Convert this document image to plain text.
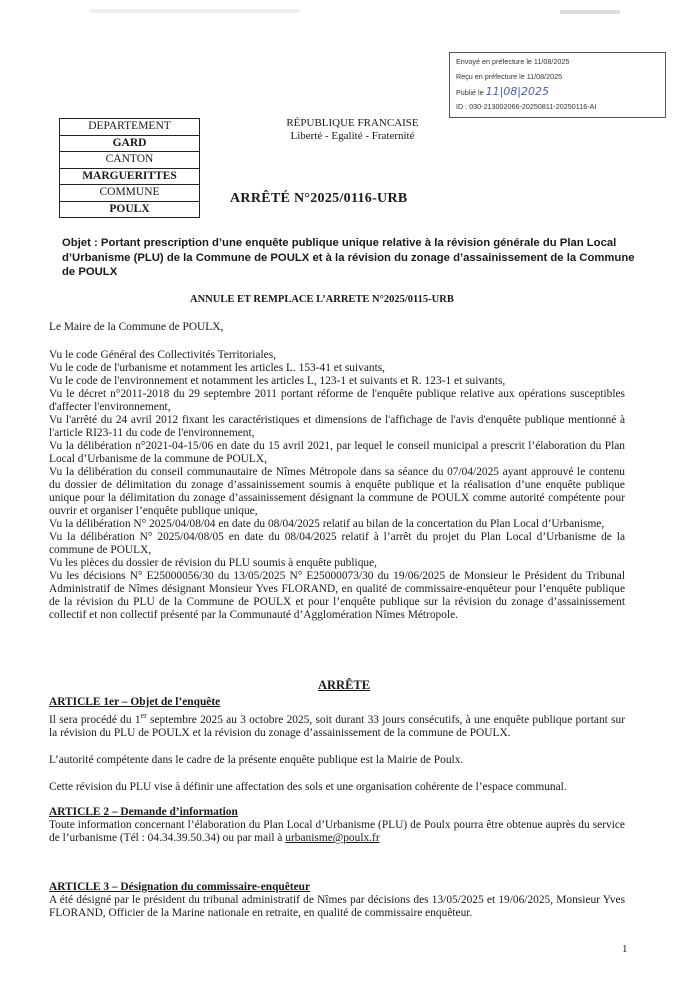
Envoyé en préfecture le 11/08/2025
Reçu en préfecture le 11/08/2025
Publié le 11|08|2025
ID : 030-213002066-20250811-20250116-AI
DEPARTEMENT
GARD
CANTON
MARGUERITTES
COMMUNE
POULX
RÉPUBLIQUE FRANCAISE
Liberté - Egalité - Fraternité
ARRÊTÉ N°2025/0116-URB
Objet : Portant prescription d’une enquête publique unique relative à la révision générale du Plan Local d’Urbanisme (PLU) de la Commune de POULX et à la révision du zonage d’assainissement de la Commune de POULX
ANNULE ET REMPLACE L’ARRETE N°2025/0115-URB
Le Maire de la Commune de POULX,
Vu le code Général des Collectivités Territoriales,
Vu le code de l'urbanisme et notamment les articles L. 153-41 et suivants,
Vu le code de l'environnement et notamment les articles L, 123-1 et suivants et R. 123-1 et suivants,
Vu le décret n°2011-2018 du 29 septembre 2011 portant réforme de l'enquête publique relative aux opérations susceptibles d'affecter l'environnement,
Vu l'arrêté du 24 avril 2012 fixant les caractéristiques et dimensions de l'affichage de l'avis d'enquête publique mentionné à l'article RI23-11 du code de l'environnement,
Vu la délibération n°2021-04-15/06 en date du 15 avril 2021, par lequel le conseil municipal a prescrit l’élaboration du Plan Local d’Urbanisme de la commune de POULX,
Vu la délibération du conseil communautaire de Nîmes Métropole dans sa séance du 07/04/2025 ayant approuvé le contenu du dossier de délimitation du zonage d’assainissement soumis à enquête publique et la réalisation d’une enquête publique unique pour la délimitation du zonage d’assainissement désignant la commune de POULX comme autorité compétente pour ouvrir et organiser l’enquête publique unique,
Vu la délibération N° 2025/04/08/04 en date du 08/04/2025 relatif au bilan de la concertation du Plan Local d’Urbanisme,
Vu la délibération N° 2025/04/08/05 en date du 08/04/2025 relatif à l’arrêt du projet du Plan Local d’Urbanisme de la commune de POULX,
Vu les pièces du dossier de révision du PLU soumis à enquête publique,
Vu les décisions N° E25000056/30 du 13/05/2025 N° E25000073/30 du 19/06/2025 de Monsieur le Président du Tribunal Administratif de Nîmes désignant Monsieur Yves FLORAND, en qualité de commissaire-enquêteur pour l’enquête publique de la révision du PLU de la Commune de POULX et pour l’enquête publique sur la révision du zonage d’assainissement collectif et non collectif présenté par la Communauté d’Agglomération Nîmes Métropole.
ARRÊTE
ARTICLE 1er – Objet de l’enquête
Il sera procédé du 1er septembre 2025 au 3 octobre 2025, soit durant 33 jours consécutifs, à une enquête publique portant sur la révision du PLU de POULX et la révision du zonage d’assainissement de la commune de POULX.
L’autorité compétente dans le cadre de la présente enquête publique est la Mairie de Poulx.
Cette révision du PLU vise à définir une affectation des sols et une organisation cohérente de l’espace communal.
ARTICLE 2 – Demande d’information
Toute information concernant l’élaboration du Plan Local d’Urbanisme (PLU) de Poulx pourra être obtenue auprès du service de l’urbanisme (Tél : 04.34.39.50.34) ou par mail à urbanisme@poulx.fr
ARTICLE 3 – Désignation du commissaire-enquêteur
A été désigné par le président du tribunal administratif de Nîmes par décisions des 13/05/2025 et 19/06/2025, Monsieur Yves FLORAND, Officier de la Marine nationale en retraite, en qualité de commissaire enquêteur.
1
